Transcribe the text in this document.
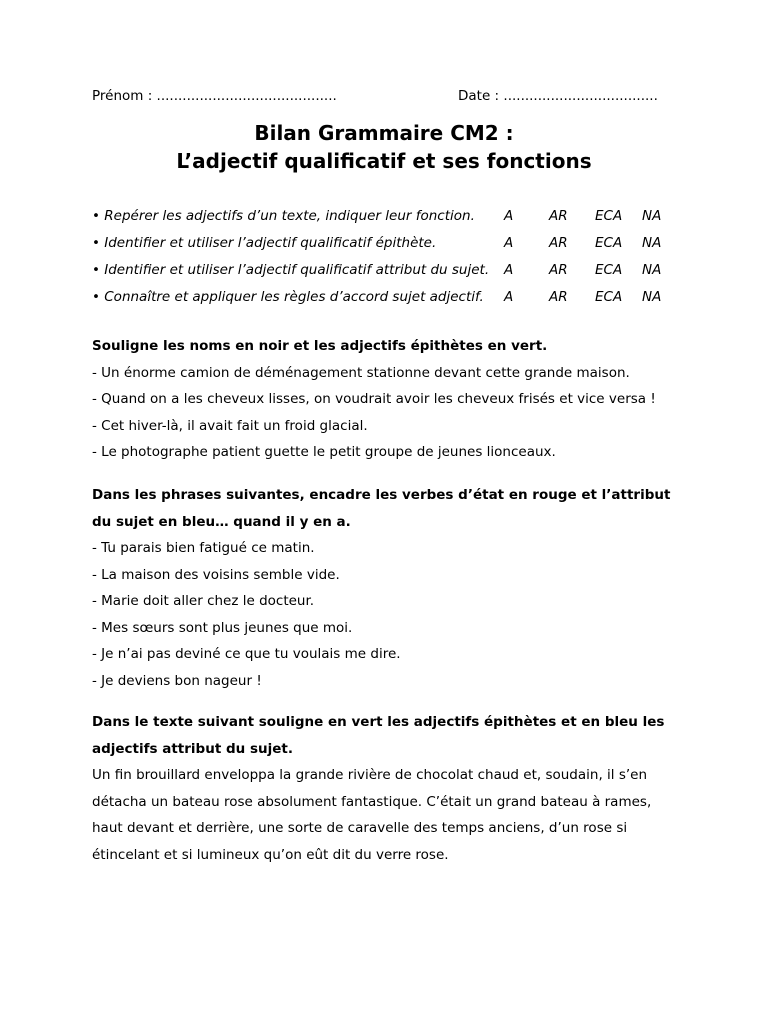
Prénom : ..........................................	Date : ....................................
Bilan Grammaire CM2 :
L’adjectif qualificatif et ses fonctions
• Repérer les adjectifs d’un texte, indiquer leur fonction. A	AR ECA NA
• Identifier et utiliser l’adjectif qualificatif épithète.	A	AR ECA NA
• Identifier et utiliser l’adjectif qualificatif attribut du sujet. A	AR ECA NA
• Connaître et appliquer les règles d’accord sujet adjectif. A	AR ECA NA
Souligne les noms en noir et les adjectifs épithètes en vert.
- Un énorme camion de déménagement stationne devant cette grande maison.
- Quand on a les cheveux lisses, on voudrait avoir les cheveux frisés et vice versa !
- Cet hiver-là, il avait fait un froid glacial.
- Le photographe patient guette le petit groupe de jeunes lionceaux.
Dans les phrases suivantes, encadre les verbes d’état en rouge et l’attribut
du sujet en bleu… quand il y en a.
- Tu parais bien fatigué ce matin.
- La maison des voisins semble vide.
- Marie doit aller chez le docteur.
- Mes sœurs sont plus jeunes que moi.
- Je n’ai pas deviné ce que tu voulais me dire.
- Je deviens bon nageur !
Dans le texte suivant souligne en vert les adjectifs épithètes et en bleu les
adjectifs attribut du sujet.
Un fin brouillard enveloppa la grande rivière de chocolat chaud et, soudain, il s’en
détacha un bateau rose absolument fantastique. C’était un grand bateau à rames,
haut devant et derrière, une sorte de caravelle des temps anciens, d’un rose si
étincelant et si lumineux qu’on eût dit du verre rose.
